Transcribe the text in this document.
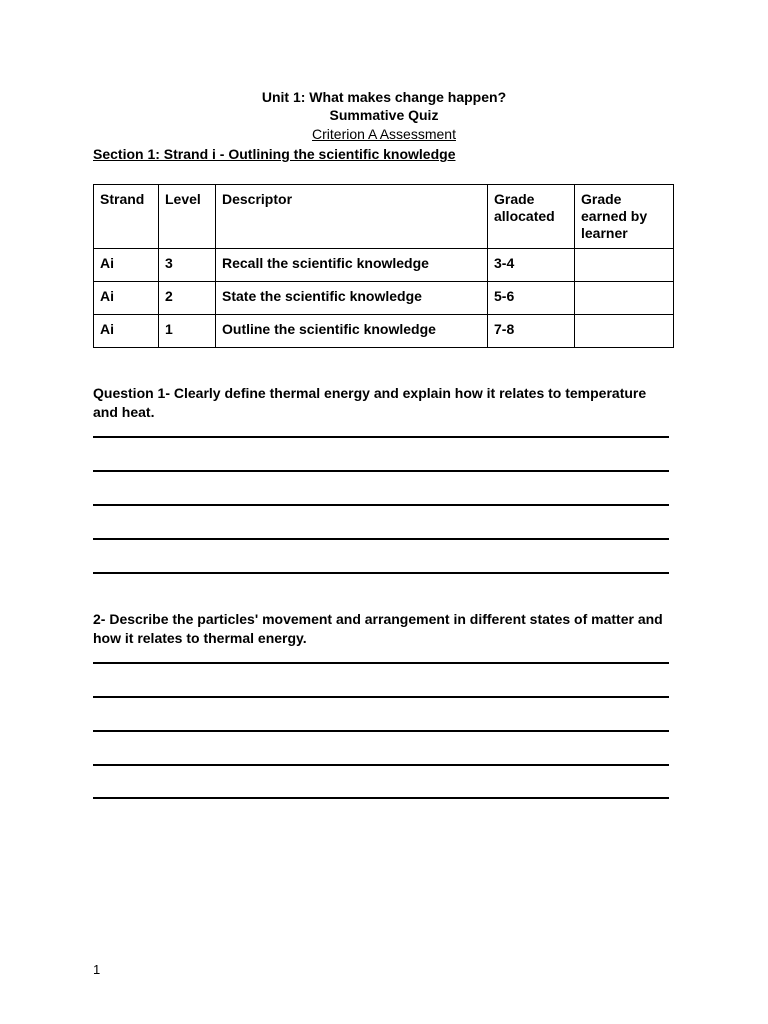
Unit 1: What makes change happen?
Summative Quiz
Criterion A Assessment
Section 1: Strand i - Outlining the scientific knowledge
Strand	Level	Descriptor	Grade allocated	Grade earned by learner
Ai	3	Recall the scientific knowledge	3-4	
Ai	2	State the scientific knowledge	5-6	
Ai	1	Outline the scientific knowledge	7-8	
Question 1- Clearly define thermal energy and explain how it relates to temperature and heat.
2- Describe the particles' movement and arrangement in different states of matter and how it relates to thermal energy.
1
